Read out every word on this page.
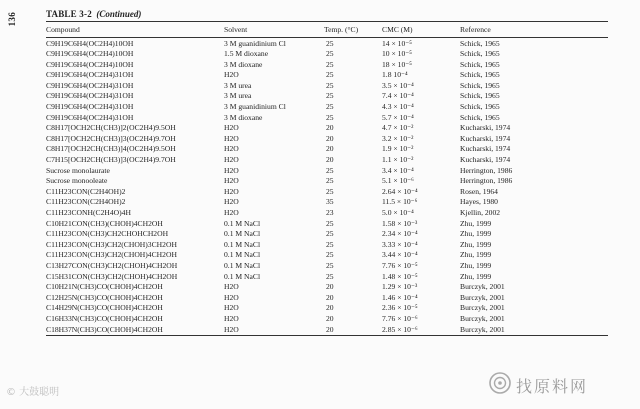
136	TABLE 3-2 (Continued)
Compound	Solvent	Temp. (°C)	CMC (M)	Reference
C9H19C6H4(OC2H4)10OH	3 M guanidinium Cl	25	14 × 10⁻⁵	Schick, 1965
C9H19C6H4(OC2H4)10OH	1.5 M dioxane	25	10 × 10⁻⁵	Schick, 1965
C9H19C6H4(OC2H4)10OH	3 M dioxane	25	18 × 10⁻⁵	Schick, 1965
C9H19C6H4(OC2H4)31OH	H2O	25	1.8 10⁻⁴	Schick, 1965
C9H19C6H4(OC2H4)31OH	3 M urea	25	3.5 × 10⁻⁴	Schick, 1965
C9H19C6H4(OC2H4)31OH	3 M urea	25	7.4 × 10⁻⁴	Schick, 1965
C9H19C6H4(OC2H4)31OH	3 M guanidinium Cl	25	4.3 × 10⁻⁴	Schick, 1965
C9H19C6H4(OC2H4)31OH	3 M dioxane	25	5.7 × 10⁻⁴	Schick, 1965
C8H17[OCH2CH(CH3)]2(OC2H4)9.5OH	H2O	20	4.7 × 10⁻²	Kucharski, 1974
C8H17[OCH2CH(CH3)]3(OC2H4)9.7OH	H2O	20	3.2 × 10⁻²	Kucharski, 1974
C8H17[OCH2CH(CH3)]4(OC2H4)9.5OH	H2O	20	1.9 × 10⁻²	Kucharski, 1974
C7H15[OCH2CH(CH3)]3(OC2H4)9.7OH	H2O	20	1.1 × 10⁻²	Kucharski, 1974
Sucrose monolaurate	H2O	25	3.4 × 10⁻⁴	Herrington, 1986
Sucrose monooleate	H2O	25	5.1 × 10⁻⁶	Herrington, 1986
C11H23CON(C2H4OH)2	H2O	25	2.64 × 10⁻⁴	Rosen, 1964
C11H23CON(C2H4OH)2	H2O	35	11.5 × 10⁻⁶	Hayes, 1980
C11H23CONH(C2H4O)4H	H2O	23	5.0 × 10⁻⁴	Kjellin, 2002
C10H21CON(CH3)(CHOH)4CH2OH	0.1 M NaCl	25	1.58 × 10⁻³	Zhu, 1999
C11H23CON(CH3)CH2CHOHCH2OH	0.1 M NaCl	25	2.34 × 10⁻⁴	Zhu, 1999
C11H23CON(CH3)CH2(CHOH)3CH2OH	0.1 M NaCl	25	3.33 × 10⁻⁴	Zhu, 1999
C11H23CON(CH3)CH2(CHOH)4CH2OH	0.1 M NaCl	25	3.44 × 10⁻⁴	Zhu, 1999
C13H27CON(CH3)CH2(CHOH)4CH2OH	0.1 M NaCl	25	7.76 × 10⁻⁵	Zhu, 1999
C15H31CON(CH3)CH2(CHOH)4CH2OH	0.1 M NaCl	25	1.48 × 10⁻⁵	Zhu, 1999
C10H21N(CH3)CO(CHOH)4CH2OH	H2O	20	1.29 × 10⁻³	Burczyk, 2001
C12H25N(CH3)CO(CHOH)4CH2OH	H2O	20	1.46 × 10⁻⁴	Burczyk, 2001
C14H29N(CH3)CO(CHOH)4CH2OH	H2O	20	2.36 × 10⁻⁵	Burczyk, 2001
C16H33N(CH3)CO(CHOH)4CH2OH	H2O	20	7.76 × 10⁻⁶	Burczyk, 2001
C18H37N(CH3)CO(CHOH)4CH2OH	H2O	20	2.85 × 10⁻⁶	Burczyk, 2001
找原料网
© 大鼓聪明
